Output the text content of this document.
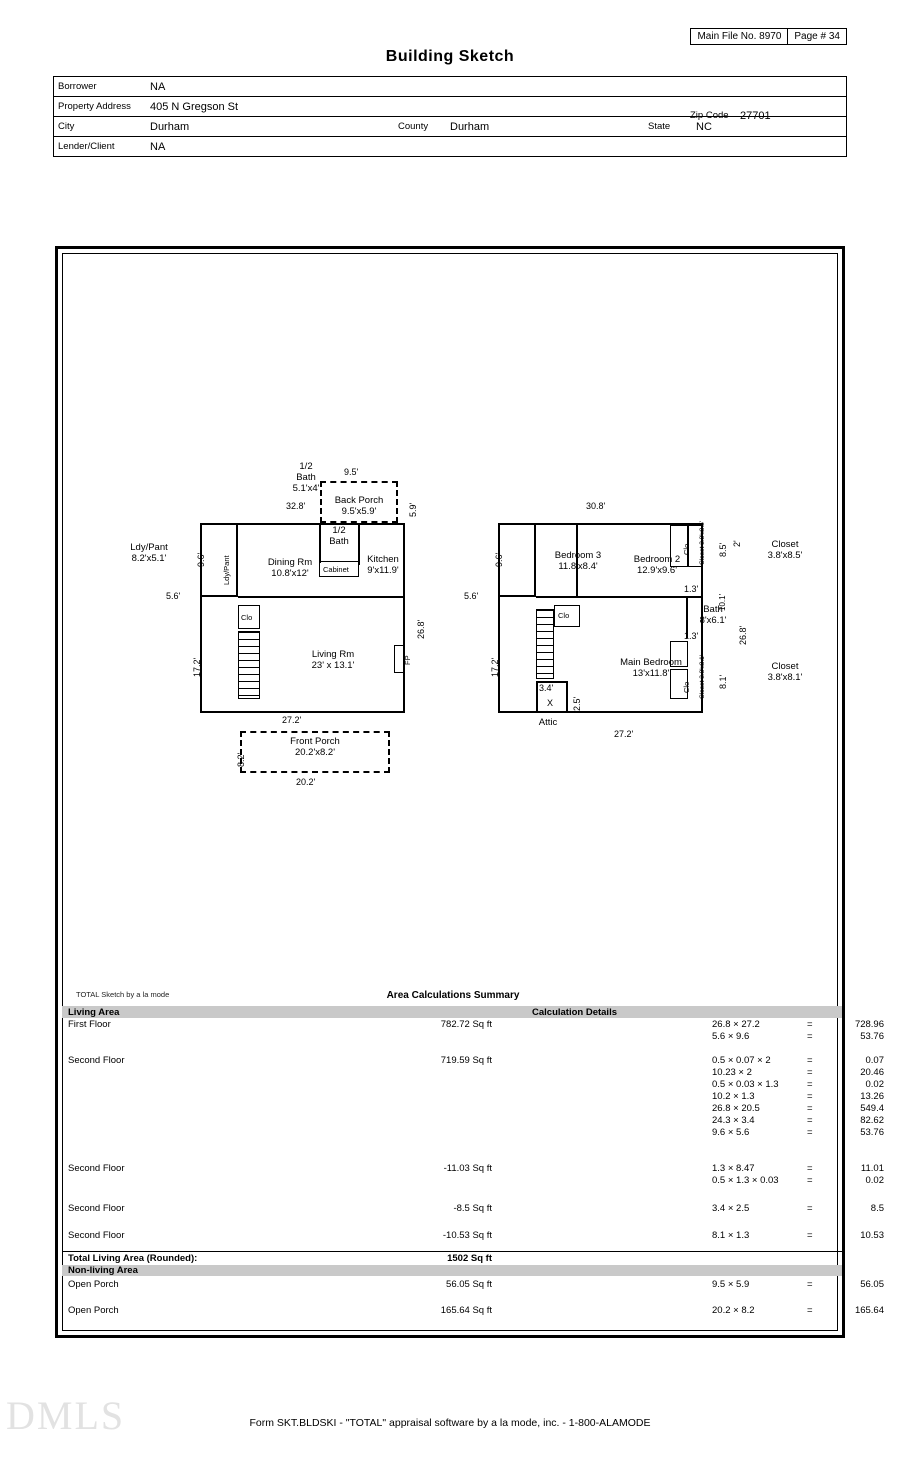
Main File No. 8970	Page # 34
Building Sketch
Borrower	NA				
Property Address	405 N Gregson St				
City	Durham	County	Durham	State	NC
Lender/Client	NA				
Zip Code 27701
Back Porch
9.5'x5.9'
9.5'
5.9'
1/2
Bath
5.1'x4'
32.8'
Ldy/Pant
8.2'x5.1'	Ldy/Pant
9.6'
5.6'
17.2'
Dining Rm
10.8'x12'
1/2
Bath
Cabinet
Kitchen
9'x11.9'
Clo
Living Rm
23' x 13.1'	FP
26.8'
27.2'
Front Porch
20.2'x8.2'
8.2'
20.2'
Clo Closet 3.8'x8.5'
30.8'
Closet
3.8'x8.5'
8.5' 2'
Bedroom 3
11.8'x8.4'
Bedroom 2
12.9'x9.6'
9.6'
5.6'
17.2'
Clo
Bath
8'x6.1'
1.3'
1.3'
10.1'
26.8'
Main Bedroom
13'x11.8'
Clo Closet 3.8'x8.1' 8.1'
Closet
3.8'x8.1'
3.4'
X 2.5'
Attic
27.2'
TOTAL Sketch by a la mode	Area Calculations Summary
Living Area	Calculation Details
First Floor	782.72 Sq ft	26.8 × 27.2	=	728.96
5.6 × 9.6	=	53.76
Second Floor	719.59 Sq ft	0.5 × 0.07 × 2	=	0.07
10.23 × 2	=	20.46
0.5 × 0.03 × 1.3	=	0.02
10.2 × 1.3	=	13.26
26.8 × 20.5	=	549.4
24.3 × 3.4	=	82.62
9.6 × 5.6	=	53.76
Second Floor	-11.03 Sq ft	1.3 × 8.47	=	11.01
0.5 × 1.3 × 0.03	=	0.02
Second Floor	-8.5 Sq ft	3.4 × 2.5	=	8.5
Second Floor	-10.53 Sq ft	8.1 × 1.3	=	10.53
Total Living Area (Rounded):	1502 Sq ft
Non-living Area
Open Porch	56.05 Sq ft	9.5 × 5.9	=	56.05
Open Porch	165.64 Sq ft	20.2 × 8.2	=	165.64
DMLS	Form SKT.BLDSKI - "TOTAL" appraisal software by a la mode, inc. - 1-800-ALAMODE
